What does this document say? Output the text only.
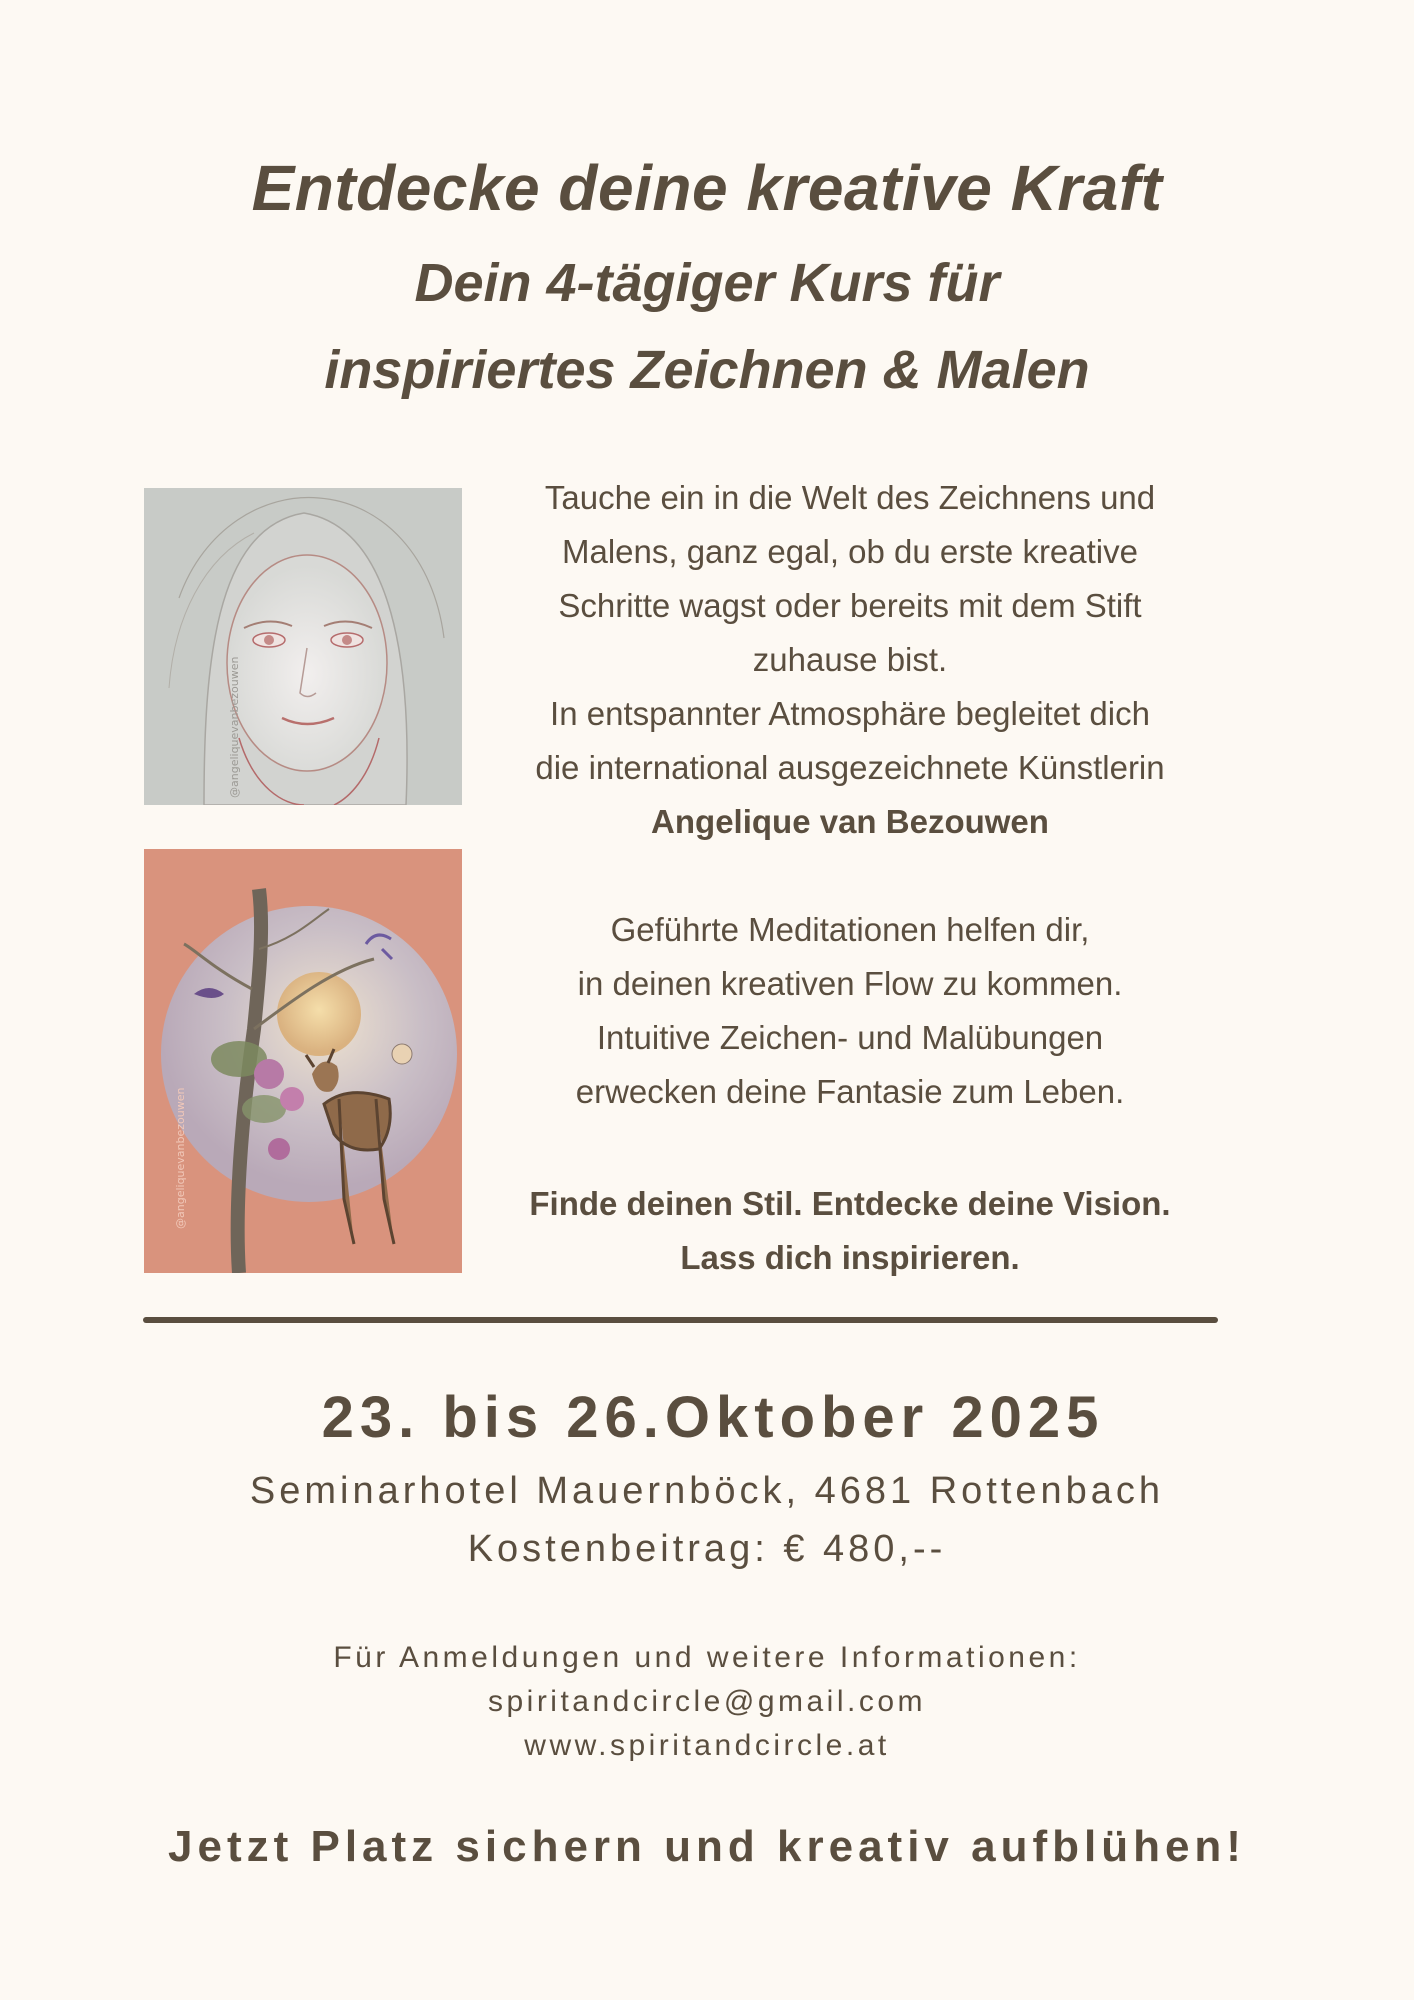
Entdecke deine kreative Kraft
Dein 4-tägiger Kurs für
inspiriertes Zeichnen & Malen
@angeliquevanbezouwen
@angeliquevanbezouwen
Tauche ein in die Welt des Zeichnens und
Malens, ganz egal, ob du erste kreative
Schritte wagst oder bereits mit dem Stift
zuhause bist.
In entspannter Atmosphäre begleitet dich
die international ausgezeichnete Künstlerin
Angelique van Bezouwen
Geführte Meditationen helfen dir,
in deinen kreativen Flow zu kommen.
Intuitive Zeichen- und Malübungen
erwecken deine Fantasie zum Leben.
Finde deinen Stil. Entdecke deine Vision.
Lass dich inspirieren.
23. bis 26.Oktober 2025
Seminarhotel Mauernböck, 4681 Rottenbach
Kostenbeitrag: € 480,--
Für Anmeldungen und weitere Informationen:
spiritandcircle@gmail.com
www.spiritandcircle.at
Jetzt Platz sichern und kreativ aufblühen!
